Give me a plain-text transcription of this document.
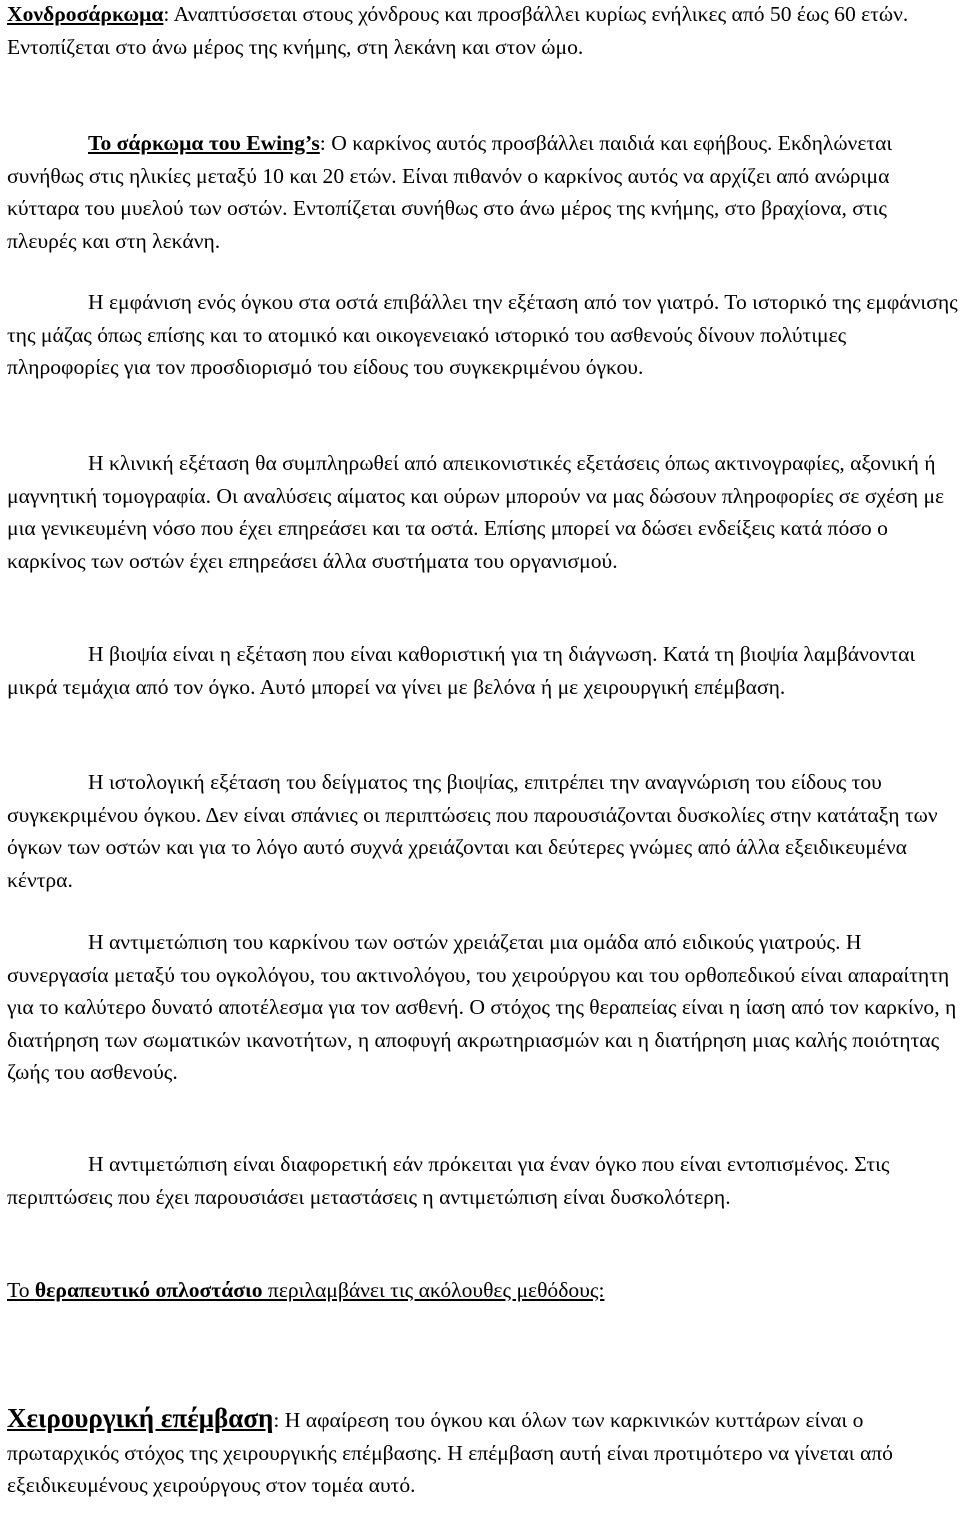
Χονδροσάρκωμα: Αναπτύσσεται στους χόνδρους και προσβάλλει κυρίως ενήλικες από 50 έως 60 ετών. Εντοπίζεται στο άνω μέρος της κνήμης, στη λεκάνη και στον ώμο.

Το σάρκωμα του Ewing’s: Ο καρκίνος αυτός προσβάλλει παιδιά και εφήβους. Εκδηλώνεται συνήθως στις ηλικίες μεταξύ 10 και 20 ετών. Είναι πιθανόν ο καρκίνος αυτός να αρχίζει από ανώριμα κύτταρα του μυελού των οστών. Εντοπίζεται συνήθως στο άνω μέρος της κνήμης, στο βραχίονα, στις πλευρές και στη λεκάνη.

Η εμφάνιση ενός όγκου στα οστά επιβάλλει την εξέταση από τον γιατρό. Το ιστορικό της εμφάνισης της μάζας όπως επίσης και το ατομικό και οικογενειακό ιστορικό του ασθενούς δίνουν πολύτιμες πληροφορίες για τον προσδιορισμό του είδους του συγκεκριμένου όγκου.

Η κλινική εξέταση θα συμπληρωθεί από απεικονιστικές εξετάσεις όπως ακτινογραφίες, αξονική ή μαγνητική τομογραφία. Οι αναλύσεις αίματος και ούρων μπορούν να μας δώσουν πληροφορίες σε σχέση με μια γενικευμένη νόσο που έχει επηρεάσει και τα οστά. Επίσης μπορεί να δώσει ενδείξεις κατά πόσο ο καρκίνος των οστών έχει επηρεάσει άλλα συστήματα του οργανισμού.

Η βιοψία είναι η εξέταση που είναι καθοριστική για τη διάγνωση. Κατά τη βιοψία λαμβάνονται μικρά τεμάχια από τον όγκο. Αυτό μπορεί να γίνει με βελόνα ή με χειρουργική επέμβαση.

Η ιστολογική εξέταση του δείγματος της βιοψίας, επιτρέπει την αναγνώριση του είδους του συγκεκριμένου όγκου. Δεν είναι σπάνιες οι περιπτώσεις που παρουσιάζονται δυσκολίες στην κατάταξη των όγκων των οστών και για το λόγο αυτό συχνά χρειάζονται και δεύτερες γνώμες από άλλα εξειδικευμένα κέντρα.

Η αντιμετώπιση του καρκίνου των οστών χρειάζεται μια ομάδα από ειδικούς γιατρούς. Η συνεργασία μεταξύ του ογκολόγου, του ακτινολόγου, του χειρούργου και του ορθοπεδικού είναι απαραίτητη για το καλύτερο δυνατό αποτέλεσμα για τον ασθενή. Ο στόχος της θεραπείας είναι η ίαση από τον καρκίνο, η διατήρηση των σωματικών ικανοτήτων, η αποφυγή ακρωτηριασμών και η διατήρηση μιας καλής ποιότητας ζωής του ασθενούς.

Η αντιμετώπιση είναι διαφορετική εάν πρόκειται για έναν όγκο που είναι εντοπισμένος. Στις περιπτώσεις που έχει παρουσιάσει μεταστάσεις η αντιμετώπιση είναι δυσκολότερη.

Το θεραπευτικό οπλοστάσιο περιλαμβάνει τις ακόλουθες μεθόδους:

Χειρουργική επέμβαση: Η αφαίρεση του όγκου και όλων των καρκινικών κυττάρων είναι ο πρωταρχικός στόχος της χειρουργικής επέμβασης. Η επέμβαση αυτή είναι προτιμότερο να γίνεται από εξειδικευμένους χειρούργους στον τομέα αυτό.
